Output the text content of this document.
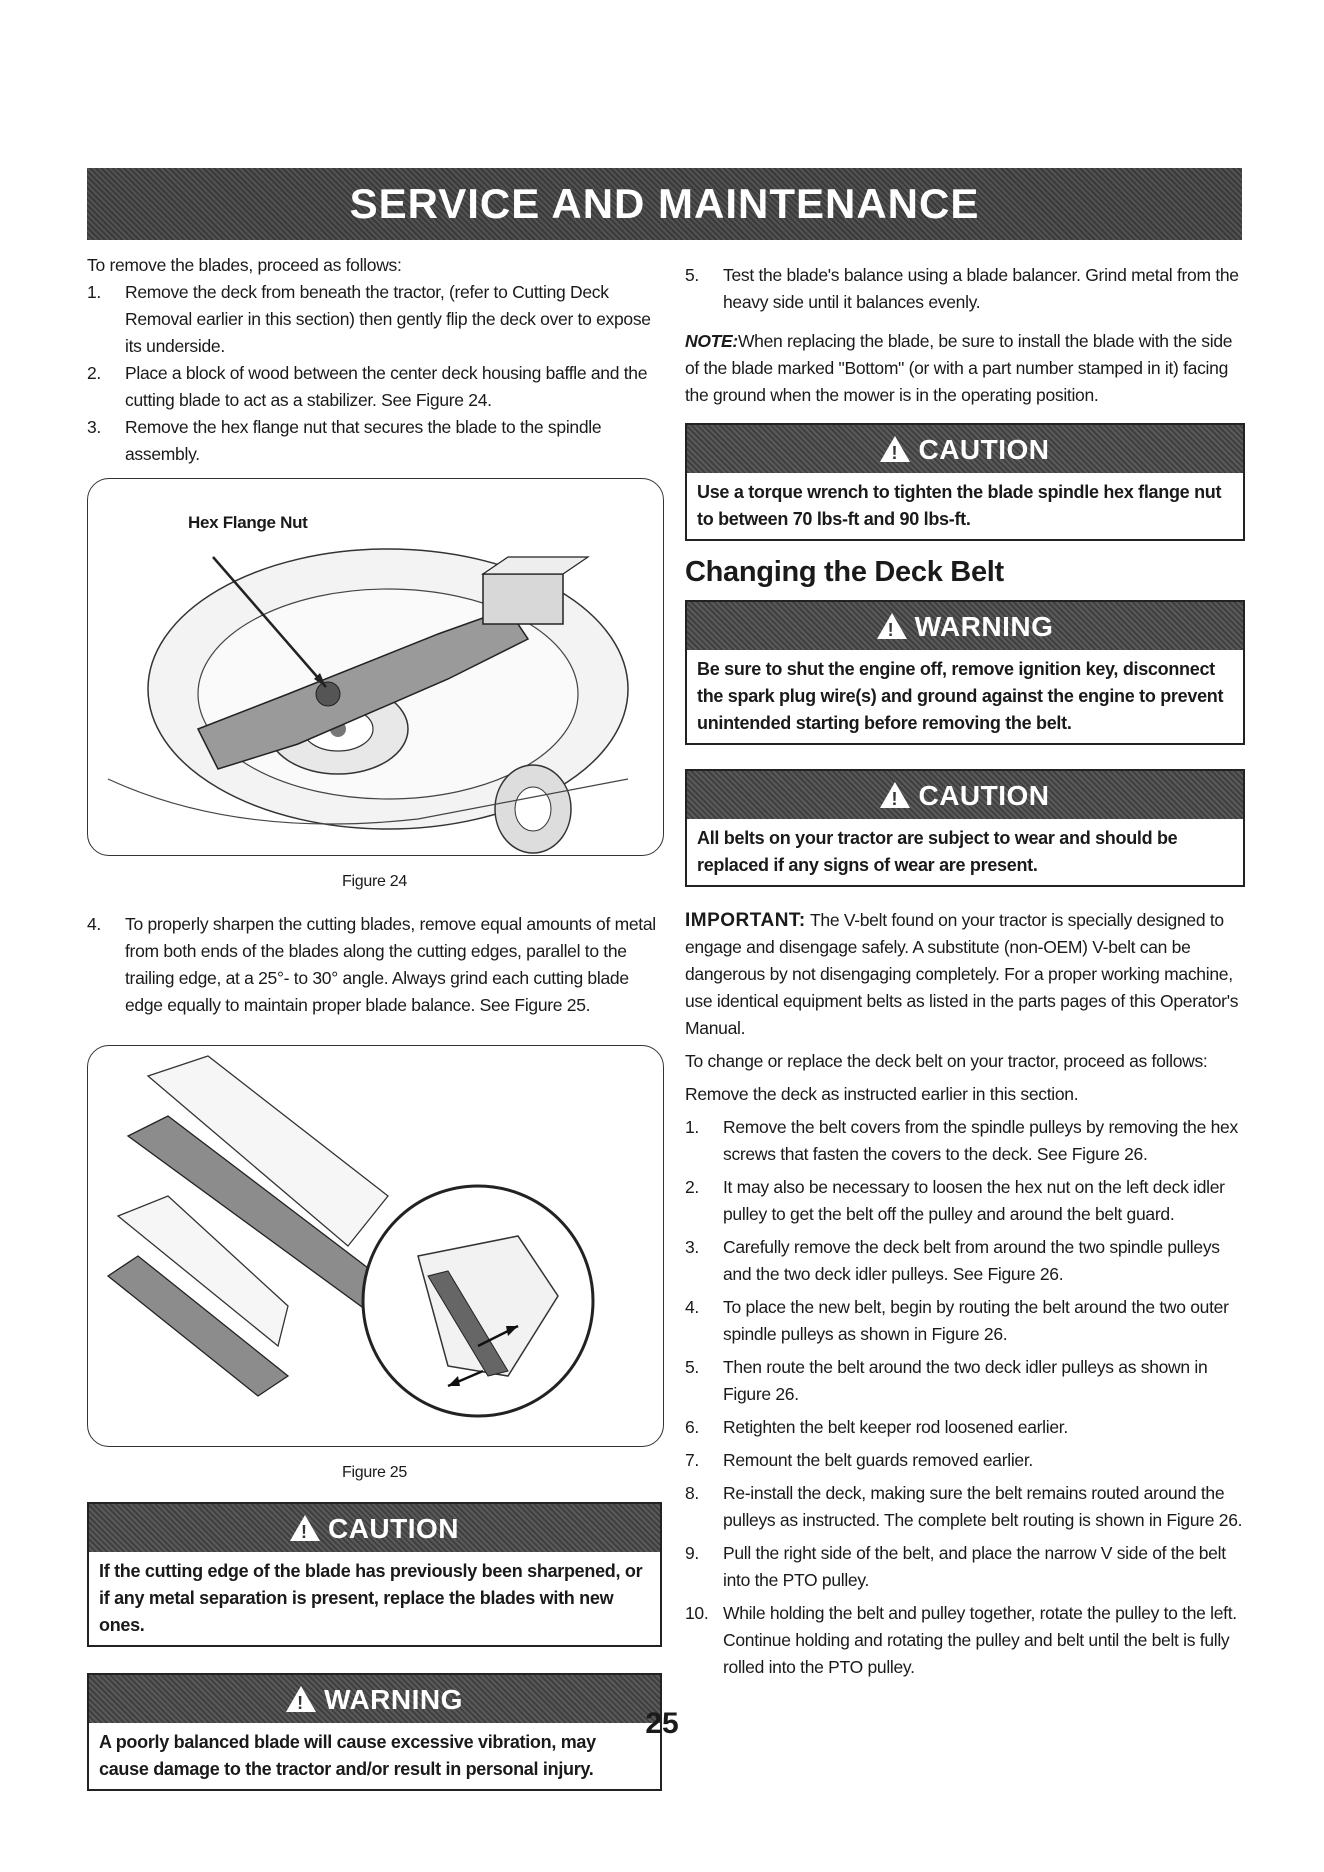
SERVICE AND MAINTENANCE

To remove the blades, proceed as follows:

1.	Remove the deck from beneath the tractor, (refer to Cutting Deck Removal earlier in this section) then gently flip the deck over to expose its underside.
2.	Place a block of wood between the center deck housing baffle and the cutting blade to act as a stabilizer. See Figure 24.
3.	Remove the hex flange nut that secures the blade to the spindle assembly.
Hex Flange Nut
Figure 24
4.	To properly sharpen the cutting blades, remove equal amounts of metal from both ends of the blades along the cutting edges, parallel to the trailing edge, at a 25°- to 30° angle. Always grind each cutting blade edge equally to maintain proper blade balance. See Figure 25.
Figure 25
!
CAUTION
If the cutting edge of the blade has previously been sharpened, or if any metal separation is present, replace the blades with new ones.
!
WARNING
A poorly balanced blade will cause excessive vibration, may cause damage to the tractor and/or result in personal injury.
5.	Test the blade's balance using a blade balancer. Grind metal from the heavy side until it balances evenly.

NOTE:When replacing the blade, be sure to install the blade with the side of the blade marked "Bottom" (or with a part number stamped in it) facing the ground when the mower is in the operating position.

!
CAUTION
Use a torque wrench to tighten the blade spindle hex flange nut to between 70 lbs-ft and 90 lbs-ft.
Changing the Deck Belt
!
WARNING
Be sure to shut the engine off, remove ignition key, disconnect the spark plug wire(s) and ground against the engine to prevent unintended starting before removing the belt.
!
CAUTION
All belts on your tractor are subject to wear and should be replaced if any signs of wear are present.

IMPORTANT: The V-belt found on your tractor is specially designed to engage and disengage safely. A substitute (non-OEM) V-belt can be dangerous by not disengaging completely. For a proper working machine, use identical equipment belts as listed in the parts pages of this Operator's Manual.

To change or replace the deck belt on your tractor, proceed as follows:

Remove the deck as instructed earlier in this section.

1.	Remove the belt covers from the spindle pulleys by removing the hex screws that fasten the covers to the deck. See Figure 26.
2.	It may also be necessary to loosen the hex nut on the left deck idler pulley to get the belt off the pulley and around the belt guard.
3.	Carefully remove the deck belt from around the two spindle pulleys and the two deck idler pulleys. See Figure 26.
4.	To place the new belt, begin by routing the belt around the two outer spindle pulleys as shown in Figure 26.
5.	Then route the belt around the two deck idler pulleys as shown in Figure 26.
6.	Retighten the belt keeper rod loosened earlier.
7.	Remount the belt guards removed earlier.
8.	Re-install the deck, making sure the belt remains routed around the pulleys as instructed. The complete belt routing is shown in Figure 26.
9.	Pull the right side of the belt, and place the narrow V side of the belt into the PTO pulley.
10. While holding the belt and pulley together, rotate the pulley to the left. Continue holding and rotating the pulley and belt until the belt is fully rolled into the PTO pulley.
25
